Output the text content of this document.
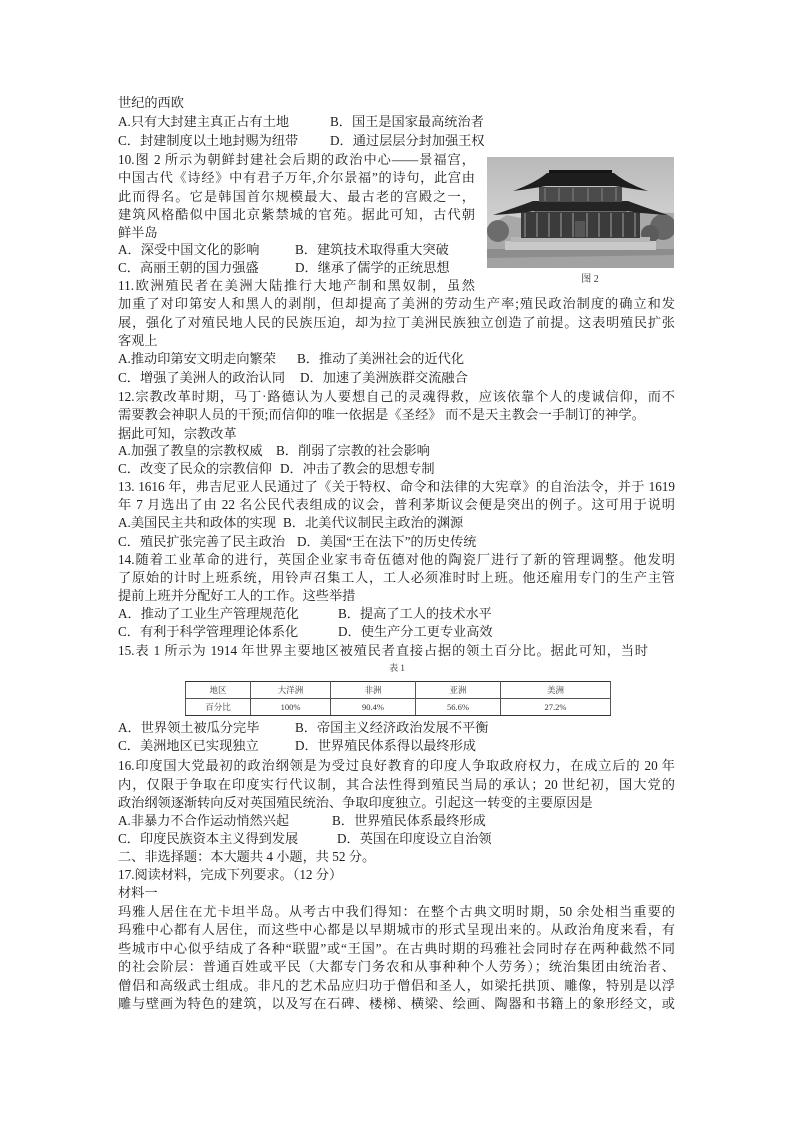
世纪的西欧
A.只有大封建主真正占有土地	B．国王是国家最高统治者
C．封建制度以土地封赐为纽带 D．通过层层分封加强王权
10.图 2 所示为朝鲜封建社会后期的政治中心——景福宫，
中国古代《诗经》中有君子万年,介尔景福”的诗句，此宫由
此而得名。它是韩国首尔规模最大、最古老的宫殿之一，
建筑风格酷似中国北京紫禁城的官苑。据此可知，古代朝
鲜半岛
A．深受中国文化的影响	B．建筑技术取得重大突破
C．高丽王朝的国力强盛	D．继承了儒学的正统思想
图 2
11.欧洲殖民者在美洲大陆推行大地产制和黑奴制，虽然
加重了对印第安人和黑人的剥削，但却提高了美洲的劳动生产率;殖民政治制度的确立和发
展，强化了对殖民地人民的民族压迫，却为拉丁美洲民族独立创造了前提。这表明殖民扩张
客观上
A.推动印第安文明走向繁荣 B．推动了美洲社会的近代化
C．增强了美洲人的政治认同 D．加速了美洲族群交流融合
12.宗教改革时期，马丁·路德认为人要想自己的灵魂得救，应该依靠个人的虔诚信仰，而不
需要教会神职人员的干预;而信仰的唯一依据是《圣经》 而不是天主教会一手制订的神学。
据此可知，宗教改革
A.加强了教皇的宗教权威 B．削弱了宗教的社会影响
C．改变了民众的宗教信仰 D．冲击了教会的思想专制
13. 1616 年，弗吉尼亚人民通过了《关于特权、命令和法律的大宪章》的自治法令，并于 1619
年 7 月选出了由 22 名公民代表组成的议会，普利茅斯议会便是突出的例子。这可用于说明
A.美国民主共和政体的实现 B．北美代议制民主政治的渊源
C．殖民扩张完善了民主政治 D．美国“王在法下”的历史传统
14.随着工业革命的进行，英国企业家韦奇伍德对他的陶瓷厂进行了新的管理调整。他发明
了原始的计时上班系统，用铃声召集工人，工人必须准时时上班。他还雇用专门的生产主管
提前上班并分配好工人的工作。这些举措
A．推动了工业生产管理规范化	B．提高了工人的技术水平
C．有利于科学管理理论体系化	D．使生产分工更专业高效
15.表 1 所示为 1914 年世界主要地区被殖民者直接占据的领土百分比。据此可知，当时
表 1
地区	大洋洲	非洲	亚洲	美洲
百分比	100%	90.4%	56.6%	27.2%
A．世界领土被瓜分完毕	B．帝国主义经济政治发展不平衡
C．美洲地区已实现独立	D．世界殖民体系得以最终形成
16.印度国大党最初的政治纲领是为受过良好教育的印度人争取政府权力，在成立后的 20 年
内，仅限于争取在印度实行代议制，其合法性得到殖民当局的承认；20 世纪初，国大党的
政治纲领逐渐转向反对英国殖民统治、争取印度独立。引起这一转变的主要原因是
A.非暴力不合作运动悄然兴起	B．世界殖民体系最终形成
C．印度民族资本主义得到发展	D．英国在印度设立自治领
二、非选择题：本大题共 4 小题，共 52 分。
17.阅读材料，完成下列要求。（12 分）
材料一
玛雅人居住在尤卡坦半岛。从考古中我们得知：在整个古典文明时期，50 余处相当重要的
玛雅中心都有人居住，而这些中心都是以早期城市的形式呈现出来的。从政治角度来看，有
些城市中心似乎结成了各种“联盟”或“王国”。在古典时期的玛雅社会同时存在两种截然不同
的社会阶层：普通百姓或平民（大都专门务农和从事种种个人劳务）；统治集团由统治者、
僧侣和高级武士组成。非凡的艺术品应归功于僧侣和圣人，如梁托拱顶、雕像，特别是以浮
雕与壁画为特色的建筑，以及写在石碑、楼梯、横梁、绘画、陶器和书籍上的象形经文，或
